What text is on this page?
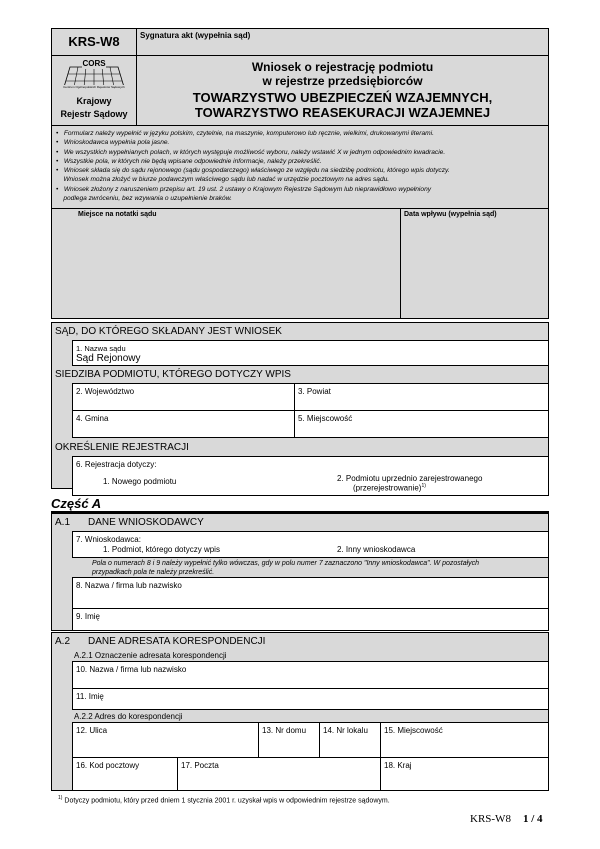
KRS-W8	Sygnatura akt (wypełnia sąd)
CORS
Centrum Ogólnopolskich Rejestrów Sądowych
Krajowy
Rejestr Sądowy
Wniosek o rejestrację podmiotu
w rejestrze przedsiębiorców
TOWARZYSTWO UBEZPIECZEŃ WZAJEMNYCH,
TOWARZYSTWO REASEKURACJI WZAJEMNEJ
•   Formularz należy wypełnić w języku polskim, czytelnie, na maszynie, komputerowo lub ręcznie, wielkimi, drukowanymi literami.
•   Wnioskodawca wypełnia pola jasne.
•   We wszystkich wypełnianych polach, w których występuje możliwość wyboru, należy wstawić X w jednym odpowiednim kwadracie.
•   Wszystkie pola, w których nie będą wpisane odpowiednie informacje, należy przekreślić.
•   Wniosek składa się do sądu rejonowego (sądu gospodarczego) właściwego ze względu na siedzibę podmiotu, którego wpis dotyczy.
Wniosek można złożyć w biurze podawczym właściwego sądu lub nadać w urzędzie pocztowym na adres sądu.
•   Wniosek złożony z naruszeniem przepisu art. 19 ust. 2 ustawy o Krajowym Rejestrze Sądowym lub nieprawidłowo wypełniony
podlega zwróceniu, bez wzywania o uzupełnienie braków.
Miejsce na notatki sądu	Data wpływu (wypełnia sąd)
SĄD, DO KTÓREGO SKŁADANY JEST WNIOSEK
1. Nazwa sądu
Sąd Rejonowy
SIEDZIBA PODMIOTU, KTÓREGO DOTYCZY WPIS
2. Województwo	3. Powiat
4. Gmina	5. Miejscowość
OKREŚLENIE REJESTRACJI
6. Rejestracja dotyczy:
1. Nowego podmiotu	2. Podmiotu uprzednio zarejestrowanego
(przerejestrowanie)$^{1)}$
Część A
A.1 DANE WNIOSKODAWCY
7. Wnioskodawca:
1. Podmiot, którego dotyczy wpis	2. Inny wnioskodawca
Pola o numerach 8 i 9 należy wypełnić tylko wówczas, gdy w polu numer 7 zaznaczono "Inny wnioskodawca". W pozostałych
przypadkach pola te należy przekreślić.
8. Nazwa / firma lub nazwisko
9. Imię
A.2 DANE ADRESATA KORESPONDENCJI
A.2.1 Oznaczenie adresata korespondencji
10. Nazwa / firma lub nazwisko
11. Imię
A.2.2 Adres do korespondencji
12. Ulica	13. Nr domu 14. Nr lokalu 15. Miejscowość
16. Kod pocztowy	17. Poczta	18. Kraj
$^{1)}$ Dotyczy podmiotu, który przed dniem 1 stycznia 2001 r. uzyskał wpis w odpowiednim rejestrze sądowym.
KRS-W8 1 / 4
